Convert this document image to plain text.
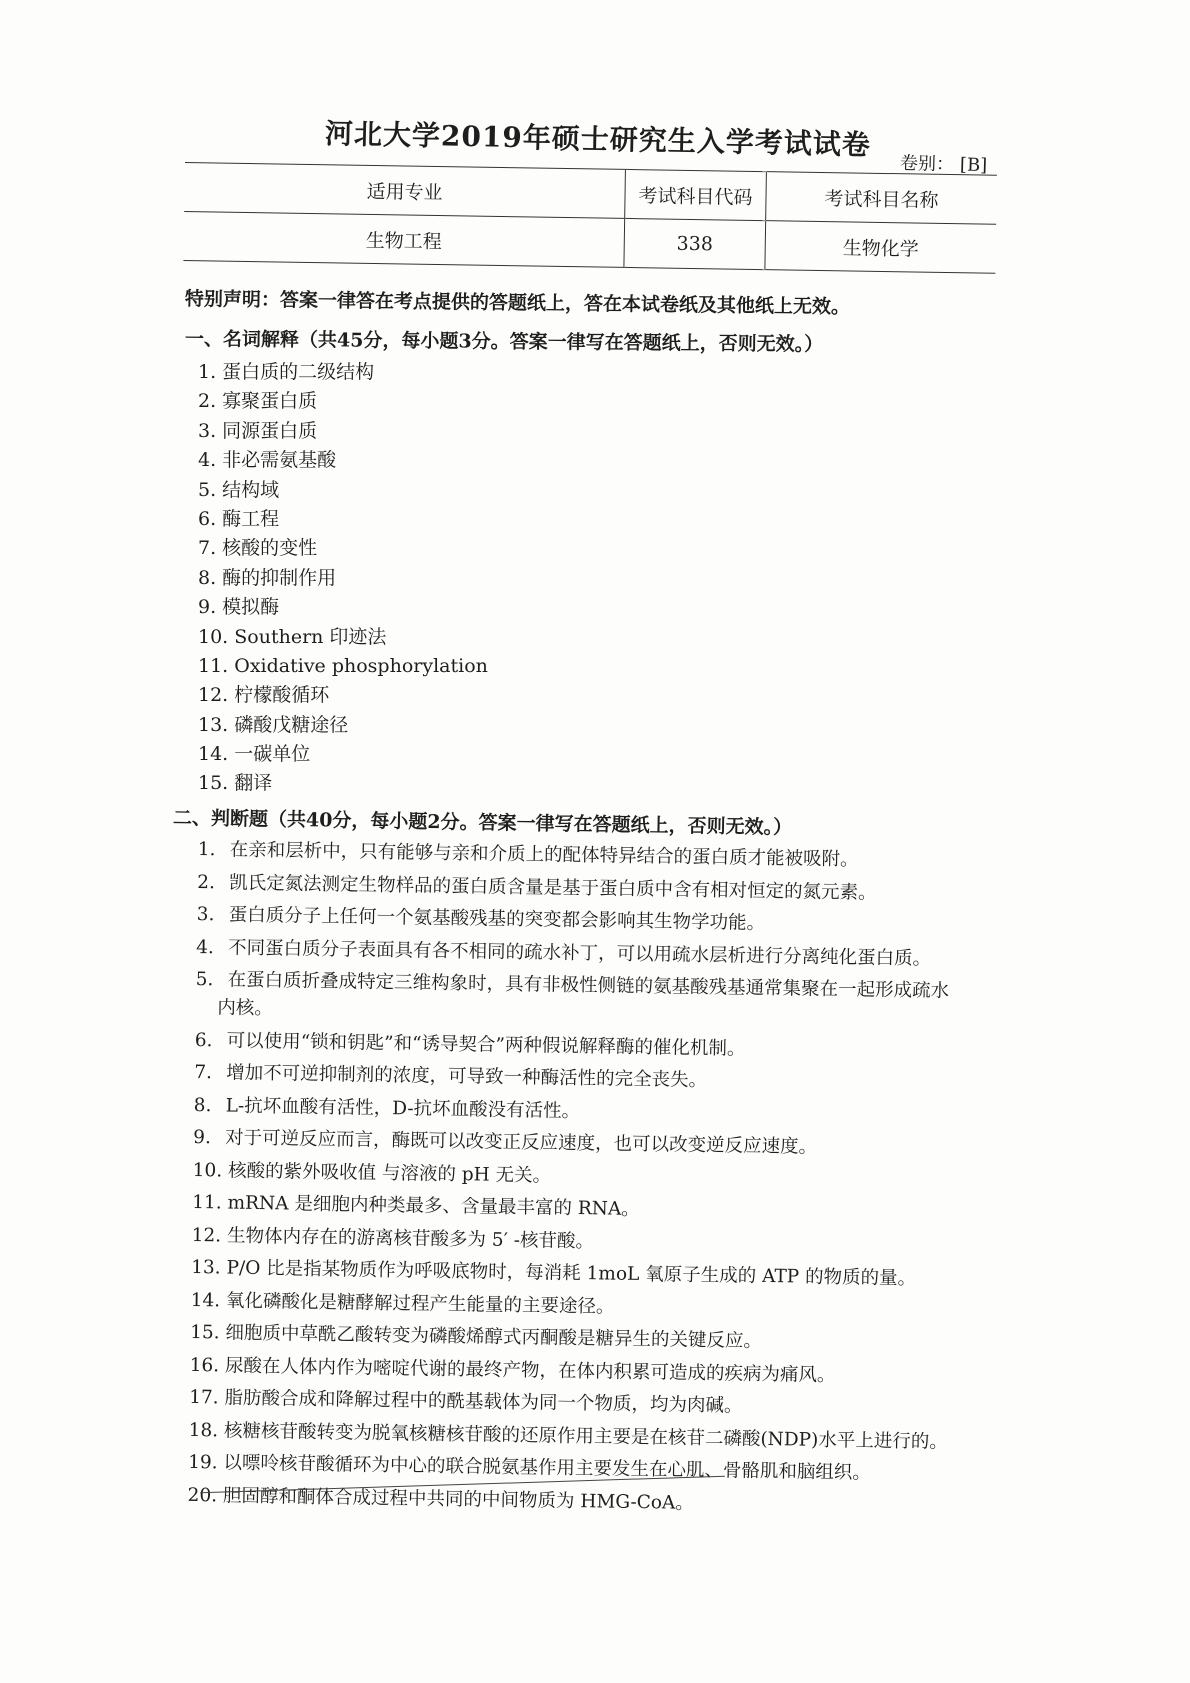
河北大学2019年硕士研究生入学考试试卷
卷别： [B]
适用专业	考试科目代码	考试科目名称
生物工程	338	生物化学
特别声明：答案一律答在考点提供的答题纸上，答在本试卷纸及其他纸上无效。
一、名词解释（共45分，每小题3分。答案一律写在答题纸上，否则无效。）
1. 蛋白质的二级结构
2. 寡聚蛋白质
3. 同源蛋白质
4. 非必需氨基酸
5. 结构域
6. 酶工程
7. 核酸的变性
8. 酶的抑制作用
9. 模拟酶
10. Southern 印迹法
11. Oxidative phosphorylation
12. 柠檬酸循环
13. 磷酸戊糖途径
14. 一碳单位
15. 翻译
二、判断题（共40分，每小题2分。答案一律写在答题纸上，否则无效。）
1. 在亲和层析中，只有能够与亲和介质上的配体特异结合的蛋白质才能被吸附。
2. 凯氏定氮法测定生物样品的蛋白质含量是基于蛋白质中含有相对恒定的氮元素。
3. 蛋白质分子上任何一个氨基酸残基的突变都会影响其生物学功能。
4. 不同蛋白质分子表面具有各不相同的疏水补丁，可以用疏水层析进行分离纯化蛋白质。
5. 在蛋白质折叠成特定三维构象时，具有非极性侧链的氨基酸残基通常集聚在一起形成疏水
内核。
6. 可以使用“锁和钥匙”和“诱导契合”两种假说解释酶的催化机制。
7. 增加不可逆抑制剂的浓度，可导致一种酶活性的完全丧失。
8. L-抗坏血酸有活性，D-抗坏血酸没有活性。
9. 对于可逆反应而言，酶既可以改变正反应速度，也可以改变逆反应速度。
10. 核酸的紫外吸收值 与溶液的 pH 无关。
11. mRNA 是细胞内种类最多、含量最丰富的 RNA。
12. 生物体内存在的游离核苷酸多为 5′ -核苷酸。
13. P/O 比是指某物质作为呼吸底物时，每消耗 1moL 氧原子生成的 ATP 的物质的量。
14. 氧化磷酸化是糖酵解过程产生能量的主要途径。
15. 细胞质中草酰乙酸转变为磷酸烯醇式丙酮酸是糖异生的关键反应。
16. 尿酸在人体内作为嘧啶代谢的最终产物，在体内积累可造成的疾病为痛风。
17. 脂肪酸合成和降解过程中的酰基载体为同一个物质，均为肉碱。
18. 核糖核苷酸转变为脱氧核糖核苷酸的还原作用主要是在核苷二磷酸(NDP)水平上进行的。
19. 以嘌呤核苷酸循环为中心的联合脱氨基作用主要发生在心肌、骨骼肌和脑组织。
20. 胆固醇和酮体合成过程中共同的中间物质为 HMG-CoA。
